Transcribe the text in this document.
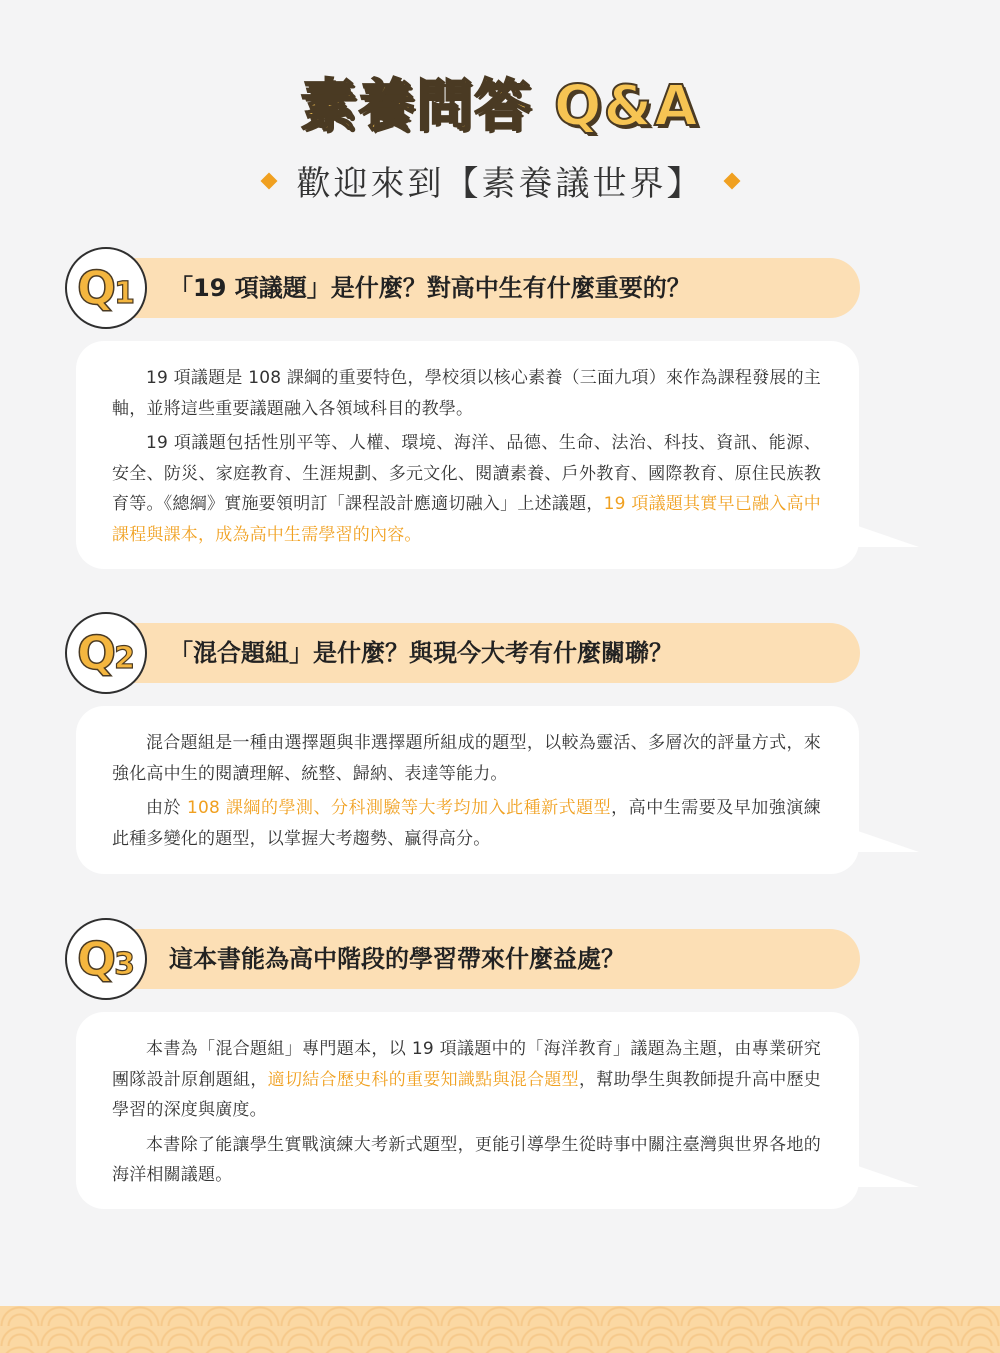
素養問答 Q&A
歡迎來到【素養議世界】
Q 1 「19 項議題」是什麼？對高中生有什麼重要的？

19 項議題是 108 課綱的重要特色，學校須以核心素養（三面九項）來作為課程發展的主軸，並將這些重要議題融入各領域科目的教學。

19 項議題包括性別平等、人權、環境、海洋、品德、生命、法治、科技、資訊、能源、安全、防災、家庭教育、生涯規劃、多元文化、閱讀素養、戶外教育、國際教育、原住民族教育等。《總綱》實施要領明訂「課程設計應適切融入」上述議題，19 項議題其實早已融入高中課程與課本，成為高中生需學習的內容。

Q 2 「混合題組」是什麼？與現今大考有什麼關聯？

混合題組是一種由選擇題與非選擇題所組成的題型，以較為靈活、多層次的評量方式，來強化高中生的閱讀理解、統整、歸納、表達等能力。

由於 108 課綱的學測、分科測驗等大考均加入此種新式題型，高中生需要及早加強演練此種多變化的題型，以掌握大考趨勢、贏得高分。

Q 3 這本書能為高中階段的學習帶來什麼益處？

本書為「混合題組」專門題本，以 19 項議題中的「海洋教育」議題為主題，由專業研究團隊設計原創題組，適切結合歷史科的重要知識點與混合題型，幫助學生與教師提升高中歷史學習的深度與廣度。

本書除了能讓學生實戰演練大考新式題型，更能引導學生從時事中關注臺灣與世界各地的海洋相關議題。
